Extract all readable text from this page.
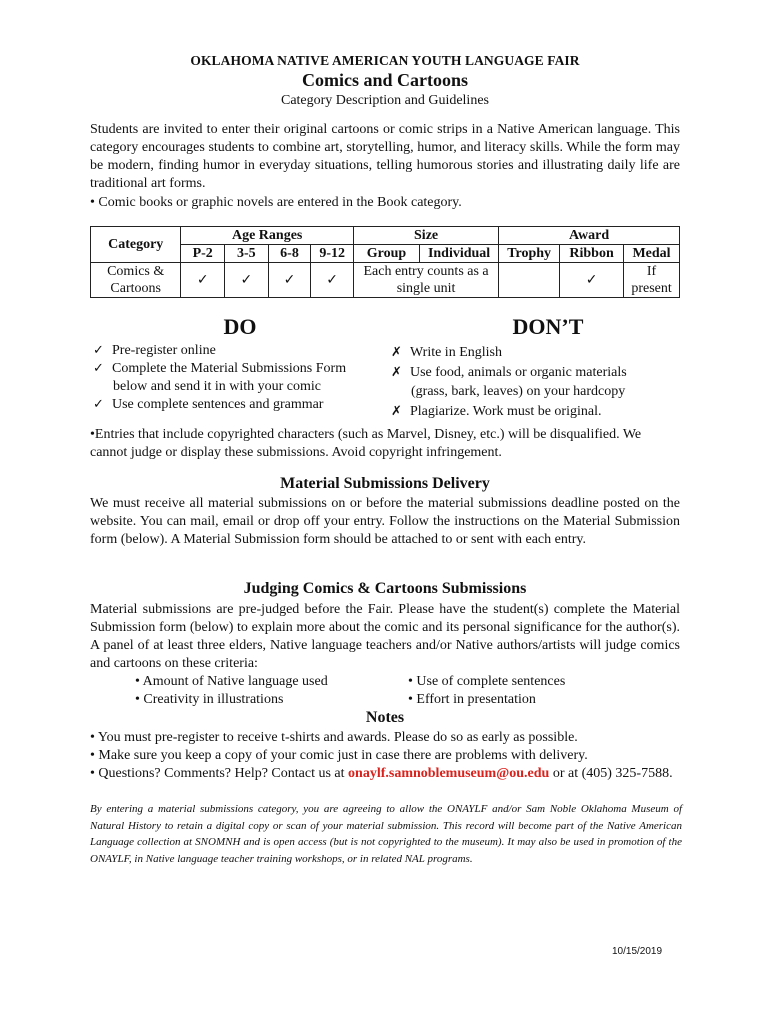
OKLAHOMA NATIVE AMERICAN YOUTH LANGUAGE FAIR
Comics and Cartoons
Category Description and Guidelines
Students are invited to enter their original cartoons or comic strips in a Native American language. This category encourages students to combine art, storytelling, humor, and literacy skills. While the form may be modern, finding humor in everyday situations, telling humorous stories and illustrating daily life are traditional art forms.
• Comic books or graphic novels are entered in the Book category.
Category	Age Ranges				Size		Award		
	P-2	3-5	6-8	9-12	Group	Individual	Trophy	Ribbon	Medal
Comics & Cartoons	✓	✓	✓	✓	Each entry counts as a single unit			✓	If present
DO	DON’T
✓ Pre-register online
✓ Complete the Material Submissions Form
below and send it in with your comic
✓ Use complete sentences and grammar
✗ Write in English
✗ Use food, animals or organic materials
(grass, bark, leaves) on your hardcopy
✗ Plagiarize. Work must be original.
•Entries that include copyrighted characters (such as Marvel, Disney, etc.) will be disqualified. We cannot judge or display these submissions. Avoid copyright infringement.
Material Submissions Delivery
We must receive all material submissions on or before the material submissions deadline posted on the website. You can mail, email or drop off your entry. Follow the instructions on the Material Submission form (below). A Material Submission form should be attached to or sent with each entry.
Judging Comics & Cartoons Submissions
Material submissions are pre-judged before the Fair. Please have the student(s) complete the Material Submission form (below) to explain more about the comic and its personal significance for the author(s). A panel of at least three elders, Native language teachers and/or Native authors/artists will judge comics and cartoons on these criteria:
• Amount of Native language used	• Use of complete sentences
• Creativity in illustrations	• Effort in presentation
Notes
• You must pre-register to receive t-shirts and awards. Please do so as early as possible.
• Make sure you keep a copy of your comic just in case there are problems with delivery.
• Questions? Comments? Help? Contact us at onaylf.samnoblemuseum@ou.edu or at (405) 325-7588.
By entering a material submissions category, you are agreeing to allow the ONAYLF and/or Sam Noble Oklahoma Museum of Natural History to retain a digital copy or scan of your material submission. This record will become part of the Native American Language collection at SNOMNH and is open access (but is not copyrighted to the museum). It may also be used in promotion of the ONAYLF, in Native language teacher training workshops, or in related NAL programs.
10/15/2019
